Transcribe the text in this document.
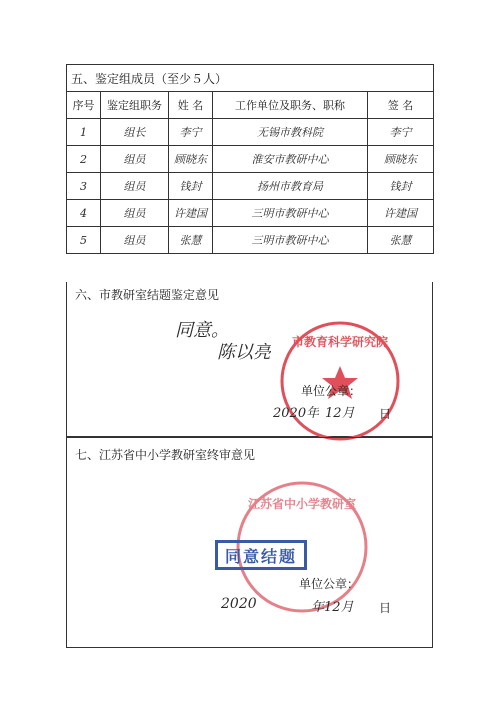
五、鉴定组成员（至少５人）				
序号	鉴定组职务	姓 名	工作单位及职务、职称	签 名
1	组长	李宁	无锡市教科院	李宁
2	组员	顾晓东	淮安市教研中心	顾晓东
3	组员	钱封	扬州市教育局	钱封
4	组员	许建国	三明市教研中心	许建国
5	组员	张慧	三明市教研中心	张慧
六、市教研室结题鉴定意见
同意。
陈以亮 市教育科学研究院
单位公章：
2020年 12月 日
七、江苏省中小学教研室终审意见
江苏省中小学教研室
同意结题
单位公章：
2020	年12月 日
